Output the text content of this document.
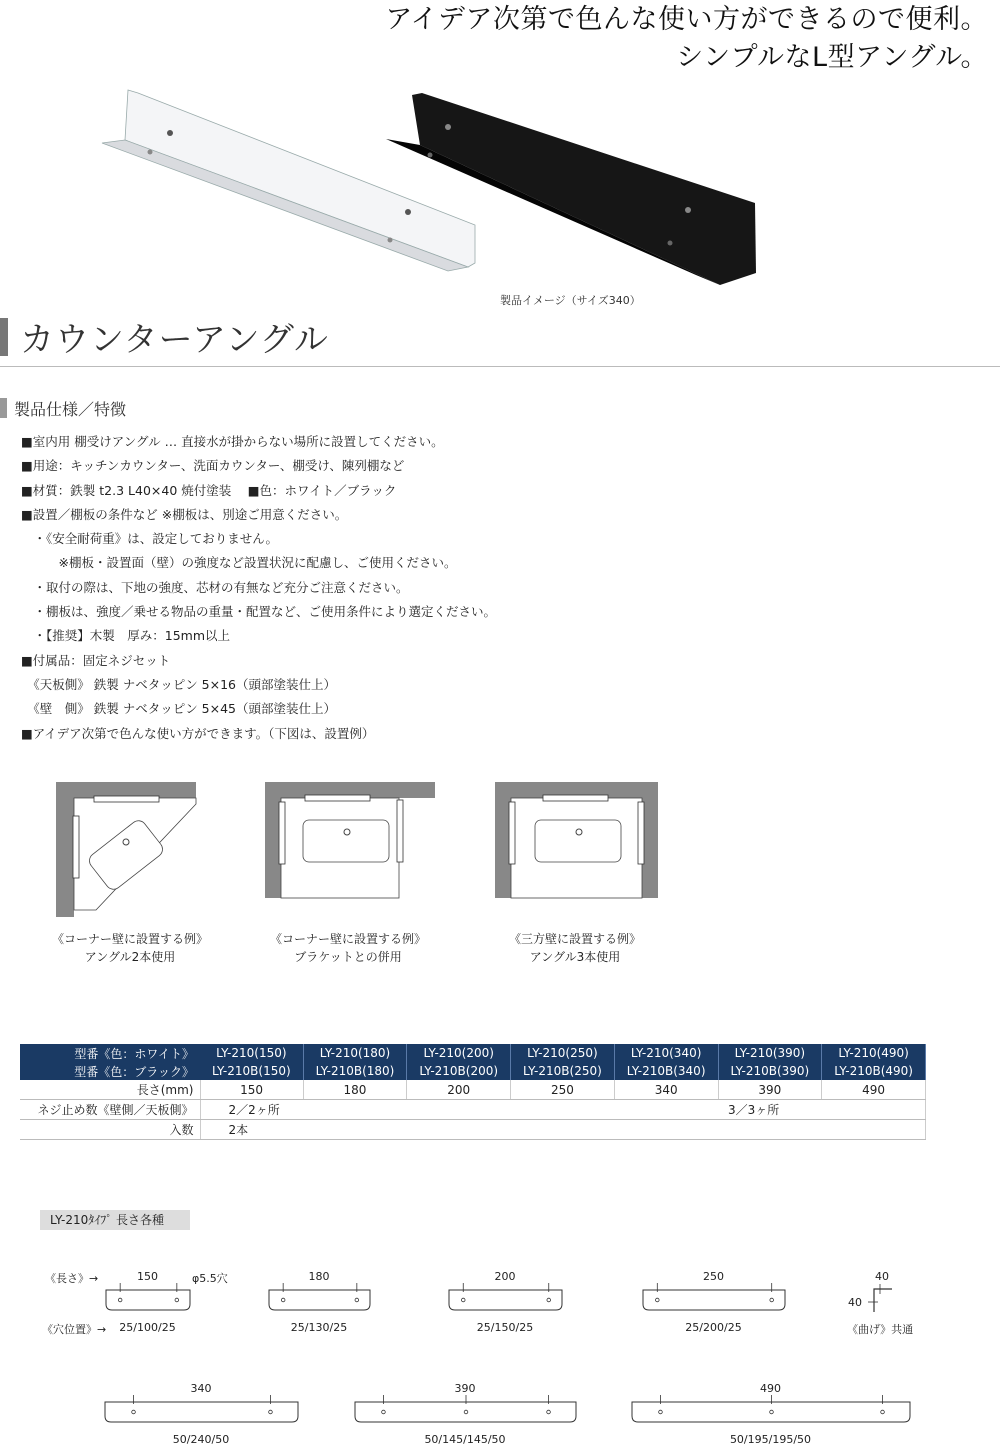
アイデア次第で色んな使い方ができるので便利。
シンプルなL型アングル。
製品イメージ（サイズ340）
カウンターアングル
製品仕様／特徴
■室内用 棚受けアングル … 直接水が掛からない場所に設置してください。
■用途：キッチンカウンター、洗面カウンター、棚受け、陳列棚など
■材質：鉄製 t2.3 L40×40 焼付塗装　 ■色：ホワイト／ブラック
■設置／棚板の条件など ※棚板は、別途ご用意ください。
　・《安全耐荷重》は、設定しておりません。
　　　※棚板・設置面（壁）の強度など設置状況に配慮し、ご使用ください。
　・取付の際は、下地の強度、芯材の有無など充分ご注意ください。
　・棚板は、強度／乗せる物品の重量・配置など、ご使用条件により選定ください。
　・【推奨】木製　厚み：15mm以上
■付属品：固定ネジセット
　《天板側》 鉄製 ナベタッピン 5×16（頭部塗装仕上）
　《壁　側》 鉄製 ナベタッピン 5×45（頭部塗装仕上）
■アイデア次第で色んな使い方ができます。（下図は、設置例）
《コーナー壁に設置する例》
アングル2本使用
《コーナー壁に設置する例》
ブラケットとの併用
《三方壁に設置する例》
アングル3本使用
型番《色：ホワイト》	LY-210(150)	LY-210(180)	LY-210(200)	LY-210(250)	LY-210(340)	LY-210(390)	LY-210(490)
型番《色：ブラック》	LY-210B(150)	LY-210B(180)	LY-210B(200)	LY-210B(250)	LY-210B(340)	LY-210B(390)	LY-210B(490)
長さ(mm)	150	180	200	250	340	390	490
ネジ止め数《壁側／天板側》	2／2ヶ所					3／3ヶ所	
入数	2本						
LY-210ﾀｲﾌﾟ 長さ各種
《長さ》→
《穴位置》→
φ5.5穴
150
25/100/25
180
25/130/25
200
25/150/25
250
25/200/25
340
50/240/50
390
50/145/145/50
490
50/195/195/50
40
40
《曲げ》共通
